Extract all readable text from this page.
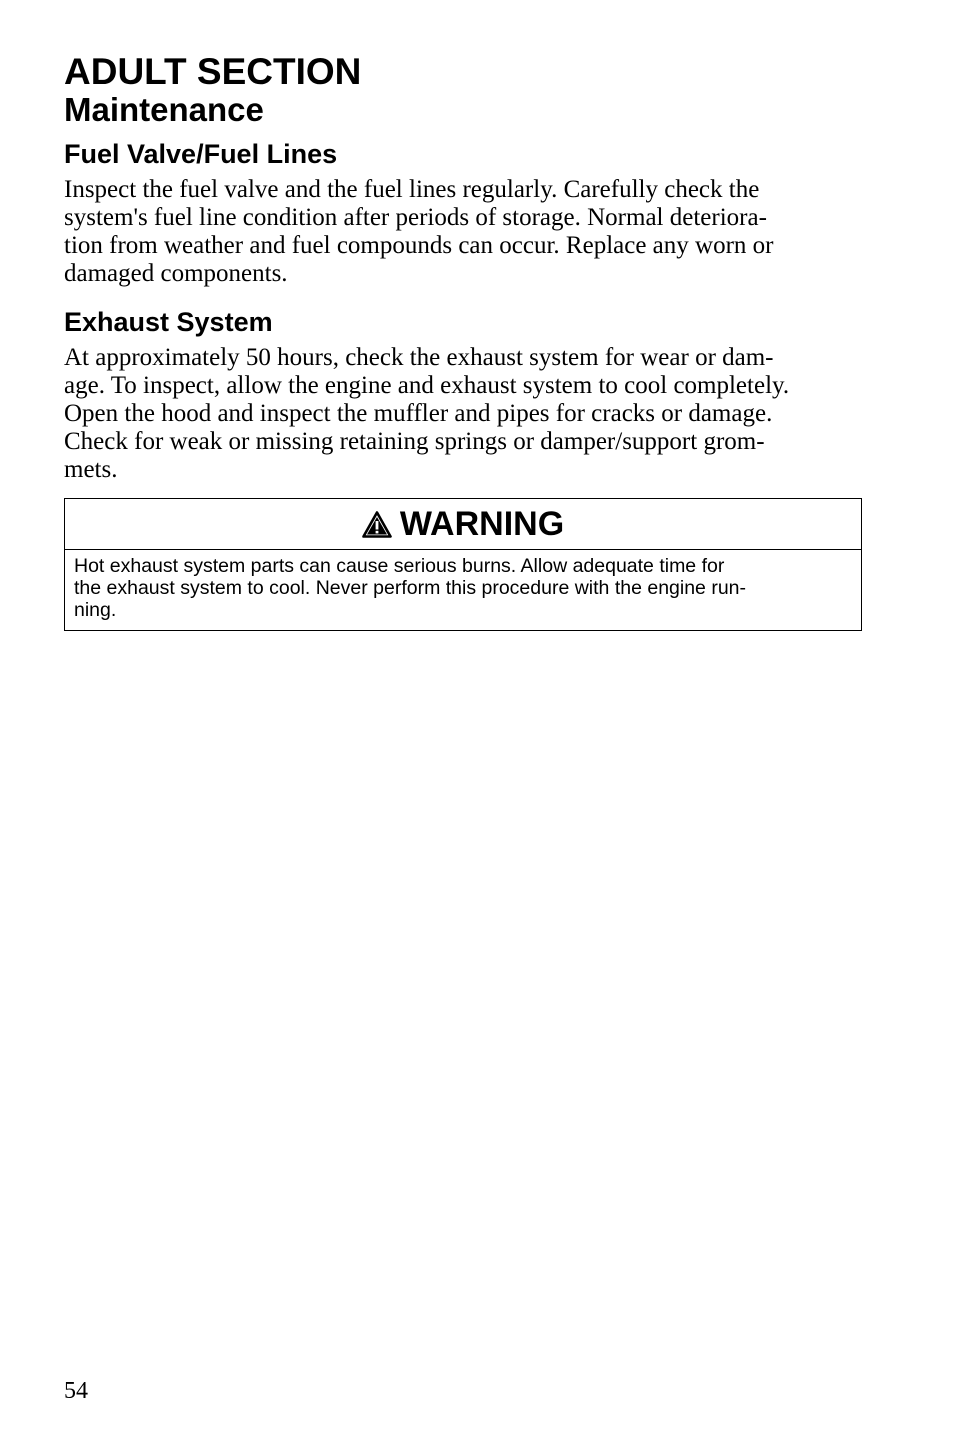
ADULT SECTION
Maintenance
Fuel Valve/Fuel Lines

Inspect the fuel valve and the fuel lines regularly. Carefully check the
system's fuel line condition after periods of storage. Normal deteriora-
tion from weather and fuel compounds can occur. Replace any worn or
damaged components.

Exhaust System

At approximately 50 hours, check the exhaust system for wear or dam-
age. To inspect, allow the engine and exhaust system to cool completely.
Open the hood and inspect the muffler and pipes for cracks or damage.
Check for weak or missing retaining springs or damper/support grom-
mets.

WARNING
Hot exhaust system parts can cause serious burns. Allow adequate time for
the exhaust system to cool. Never perform this procedure with the engine run-
ning.
54
